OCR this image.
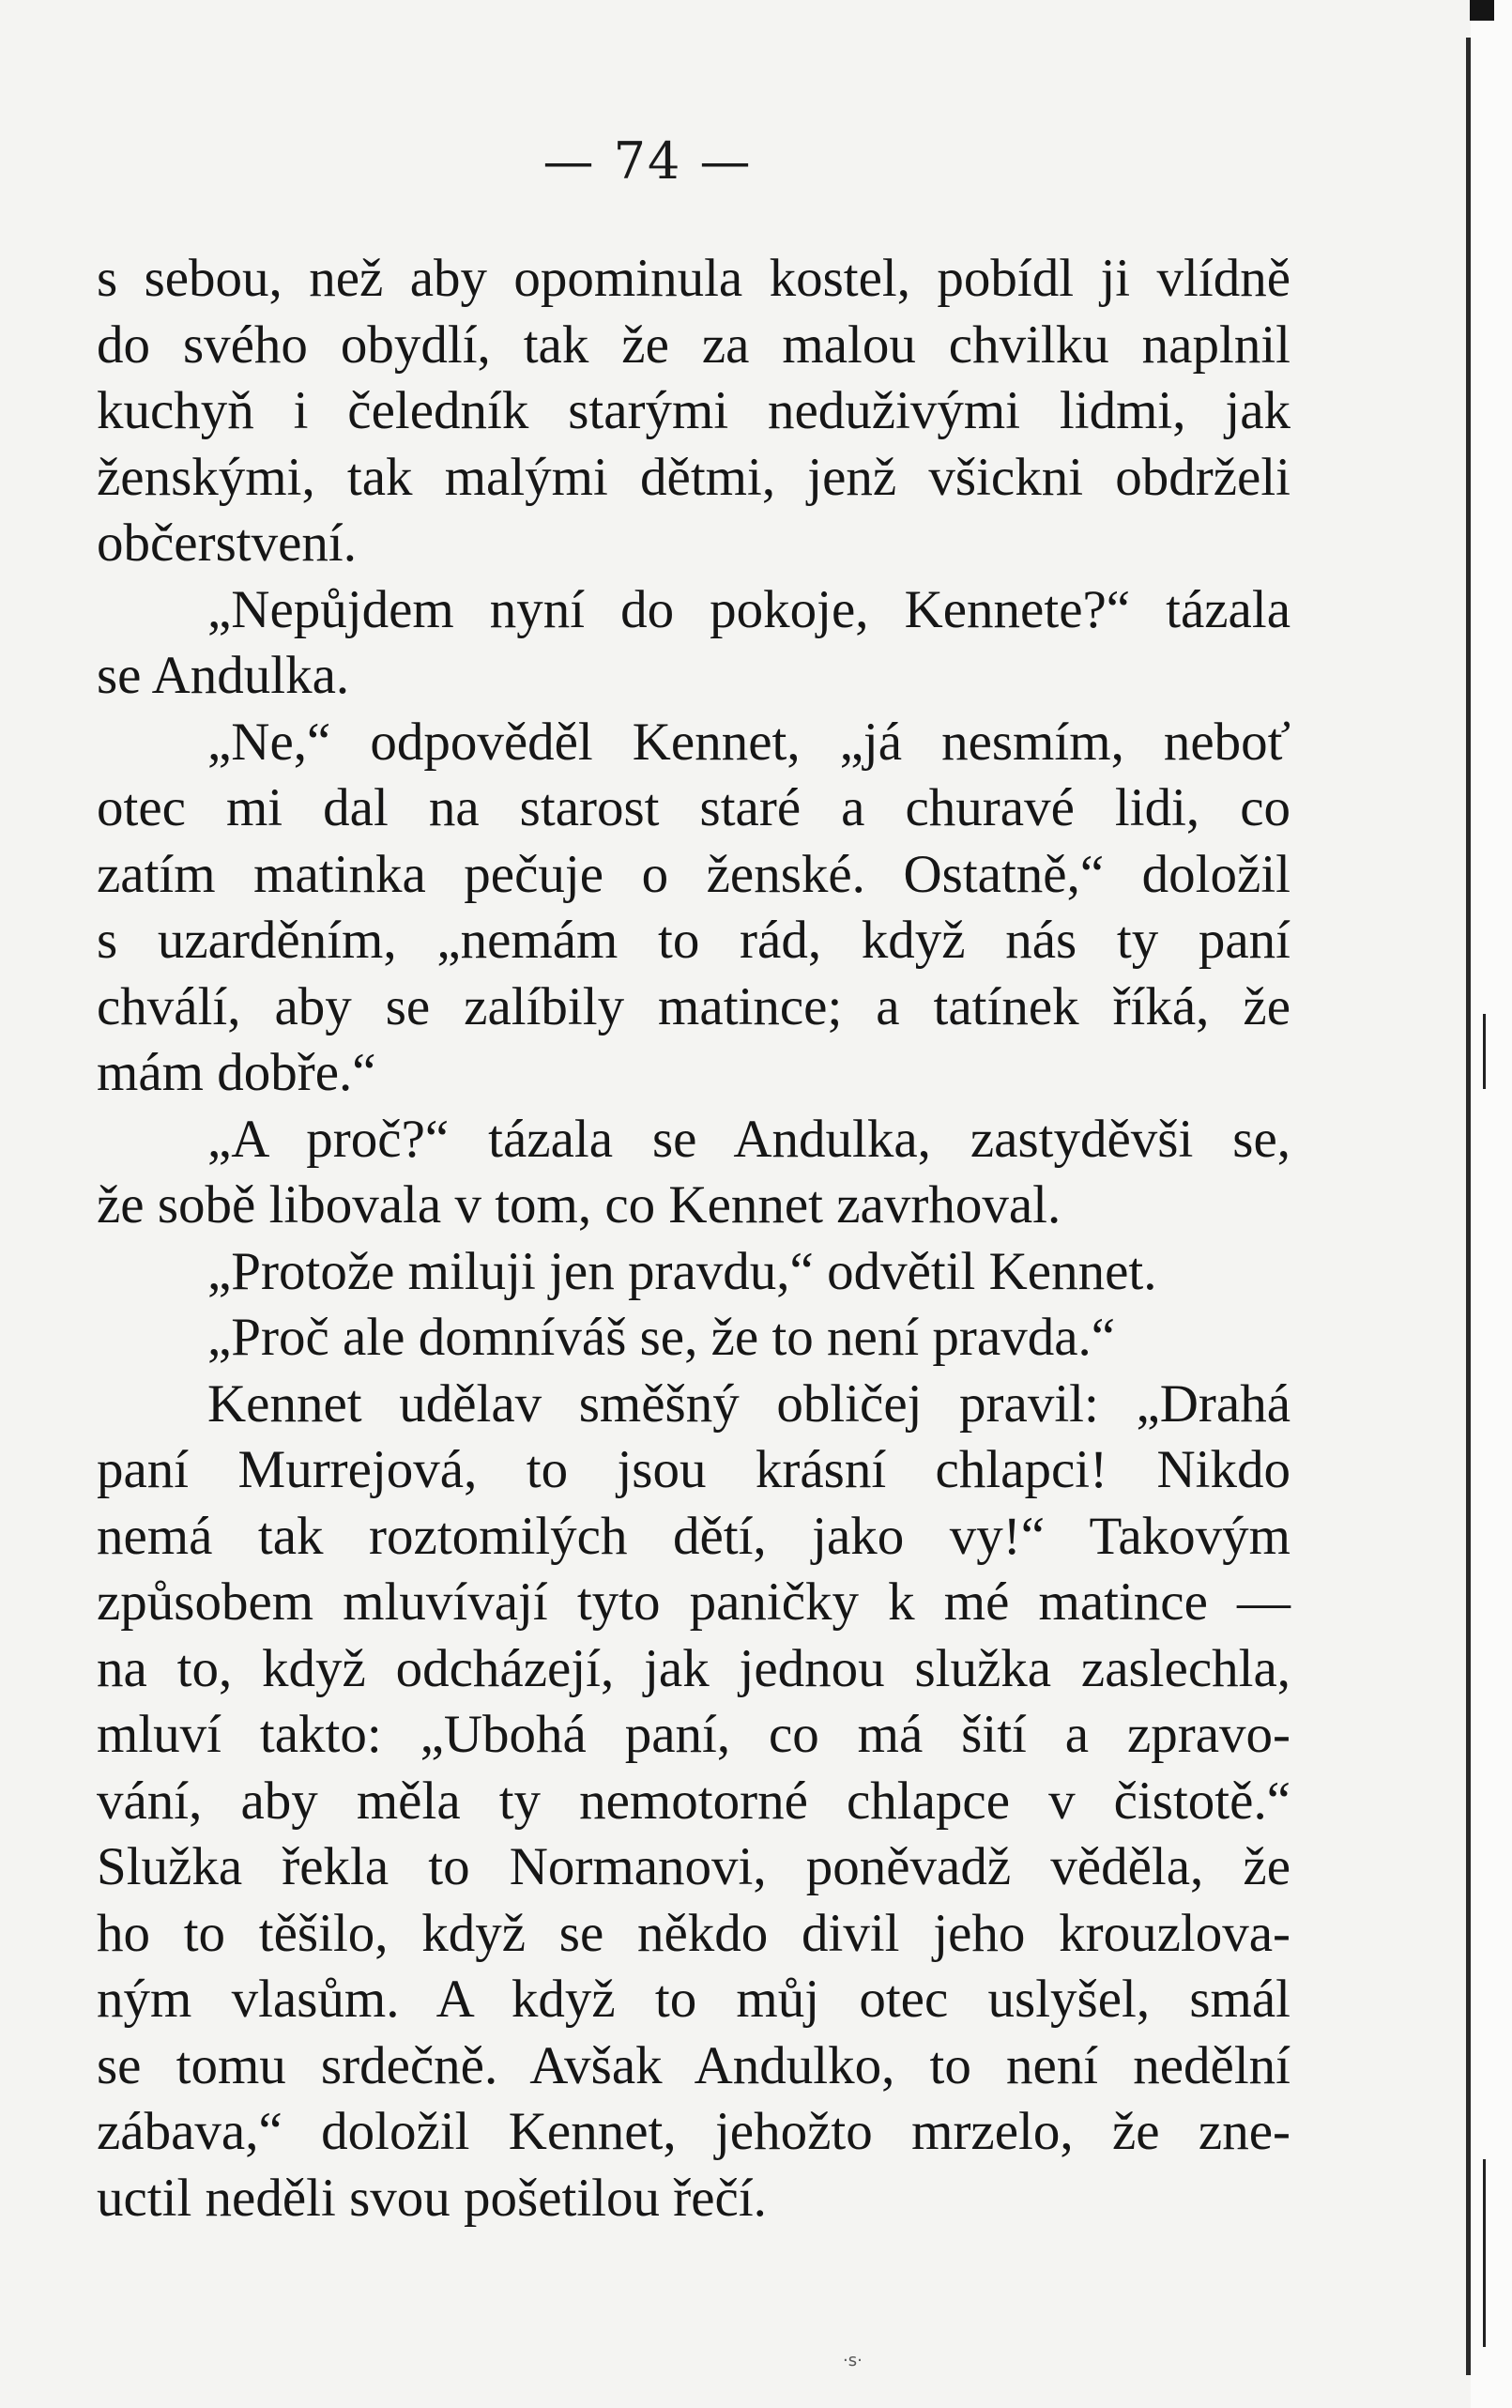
— 74 —
s sebou, než aby opominula kostel, pobídl ji vlídně
do svého obydlí, tak že za malou chvilku naplnil
kuchyň i čeledník starými neduživými lidmi, jak
ženskými, tak malými dětmi, jenž všickni obdrželi
občerstvení.
„Nepůjdem nyní do pokoje, Kennete?“ tázala
se Andulka.
„Ne,“ odpověděl Kennet, „já nesmím, neboť
otec mi dal na starost staré a churavé lidi, co
zatím matinka pečuje o ženské. Ostatně,“ doložil
s uzarděním, „nemám to rád, když nás ty paní
chválí, aby se zalíbily matince; a tatínek říká, že
mám dobře.“
„A proč?“ tázala se Andulka, zastyděvši se,
že sobě libovala v tom, co Kennet zavrhoval.
„Protože miluji jen pravdu,“ odvětil Kennet.
„Proč ale domníváš se, že to není pravda.“
Kennet udělav směšný obličej pravil: „Drahá
paní Murrejová, to jsou krásní chlapci! Nikdo
nemá tak roztomilých dětí, jako vy!“ Takovým
způsobem mluvívají tyto paničky k mé matince —
na to, když odcházejí, jak jednou služka zaslechla,
mluví takto: „Ubohá paní, co má šití a zpravo-
vání, aby měla ty nemotorné chlapce v čistotě.“
Služka řekla to Normanovi, poněvadž věděla, že
ho to těšilo, když se někdo divil jeho krouzlova-
ným vlasům. A když to můj otec uslyšel, smál
se tomu srdečně. Avšak Andulko, to není nedělní
zábava,“ doložil Kennet, jehožto mrzelo, že zne-
uctil neděli svou pošetilou řečí.
·s·
